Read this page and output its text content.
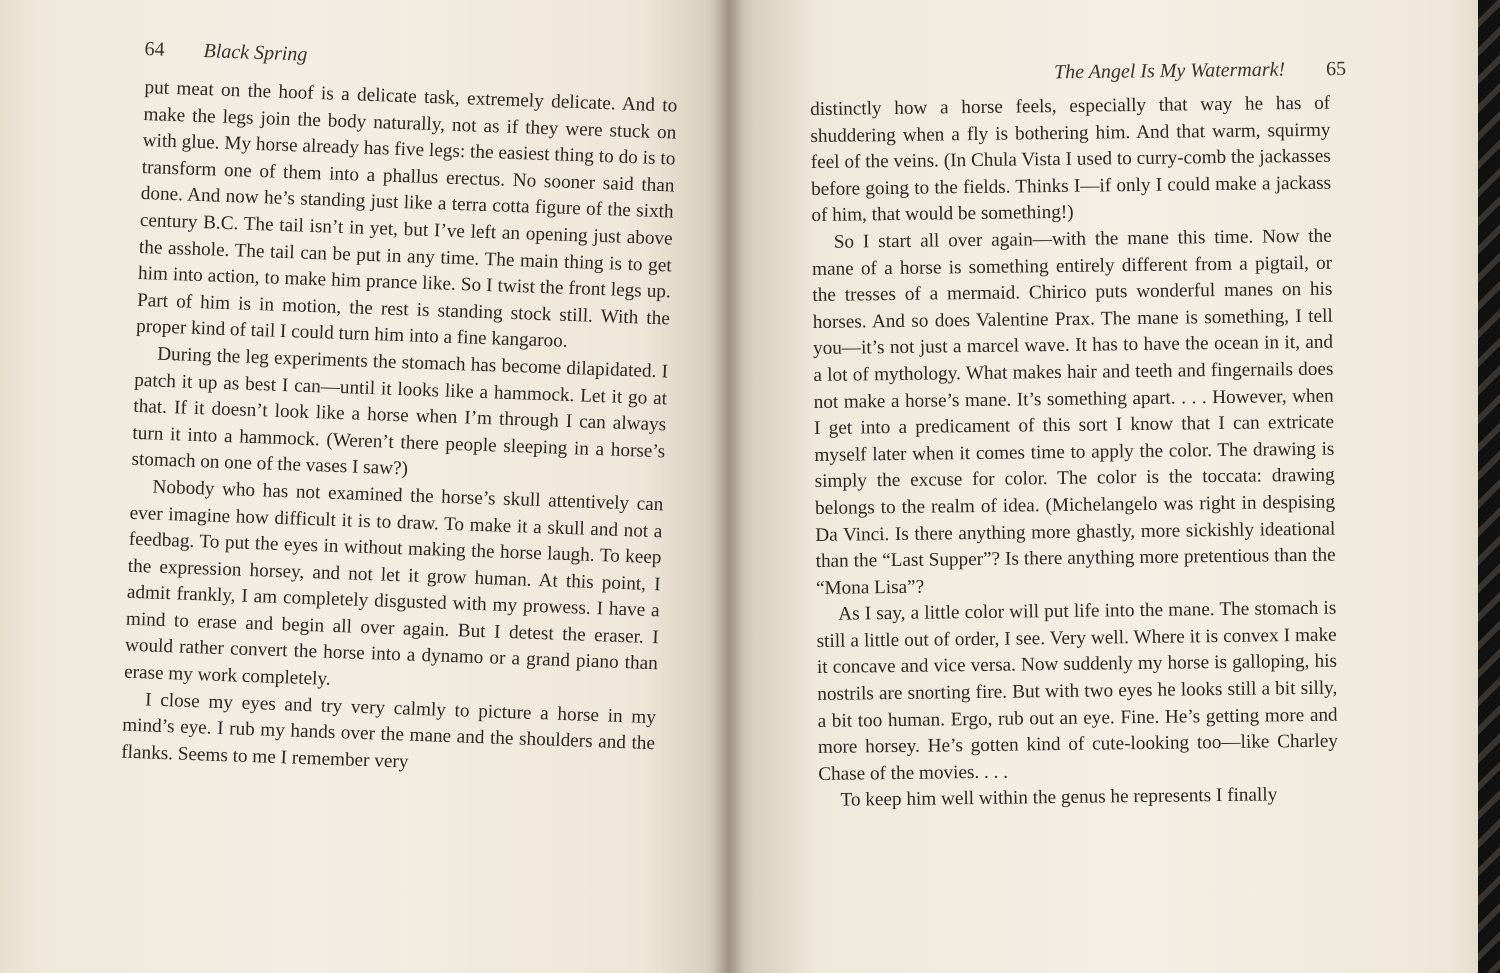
64 Black Spring

put meat on the hoof is a delicate task, extremely delicate. And to make the legs join the body naturally, not as if they were stuck on with glue. My horse already has five legs: the easiest thing to do is to transform one of them into a phallus erectus. No sooner said than done. And now he’s standing just like a terra cotta figure of the sixth century B.C. The tail isn’t in yet, but I’ve left an opening just above the asshole. The tail can be put in any time. The main thing is to get him into action, to make him prance like. So I twist the front legs up. Part of him is in motion, the rest is standing stock still. With the proper kind of tail I could turn him into a fine kangaroo.

During the leg experiments the stomach has become dilapidated. I patch it up as best I can—until it looks like a hammock. Let it go at that. If it doesn’t look like a horse when I’m through I can always turn it into a hammock. (Weren’t there people sleeping in a horse’s stomach on one of the vases I saw?)

Nobody who has not examined the horse’s skull attentively can ever imagine how difficult it is to draw. To make it a skull and not a feedbag. To put the eyes in without making the horse laugh. To keep the expression horsey, and not let it grow human. At this point, I admit frankly, I am completely disgusted with my prowess. I have a mind to erase and begin all over again. But I detest the eraser. I would rather convert the horse into a dynamo or a grand piano than erase my work completely.

I close my eyes and try very calmly to picture a horse in my mind’s eye. I rub my hands over the mane and the shoulders and the flanks. Seems to me I remember very

The Angel Is My Watermark! 65

distinctly how a horse feels, especially that way he has of shuddering when a fly is bothering him. And that warm, squirmy feel of the veins. (In Chula Vista I used to curry-comb the jackasses before going to the fields. Thinks I—if only I could make a jackass of him, that would be something!)

So I start all over again—with the mane this time. Now the mane of a horse is something entirely different from a pigtail, or the tresses of a mermaid. Chirico puts wonderful manes on his horses. And so does Valentine Prax. The mane is something, I tell you—it’s not just a marcel wave. It has to have the ocean in it, and a lot of mythology. What makes hair and teeth and fingernails does not make a horse’s mane. It’s something apart. . . . However, when I get into a predicament of this sort I know that I can extricate myself later when it comes time to apply the color. The drawing is simply the excuse for color. The color is the toccata: drawing belongs to the realm of idea. (Michelangelo was right in despising Da Vinci. Is there anything more ghastly, more sickishly ideational than the “Last Supper”? Is there anything more pretentious than the “Mona Lisa”?

As I say, a little color will put life into the mane. The stomach is still a little out of order, I see. Very well. Where it is convex I make it concave and vice versa. Now suddenly my horse is galloping, his nostrils are snorting fire. But with two eyes he looks still a bit silly, a bit too human. Ergo, rub out an eye. Fine. He’s getting more and more horsey. He’s gotten kind of cute-looking too—like Charley Chase of the movies. . . .

To keep him well within the genus he represents I finally
